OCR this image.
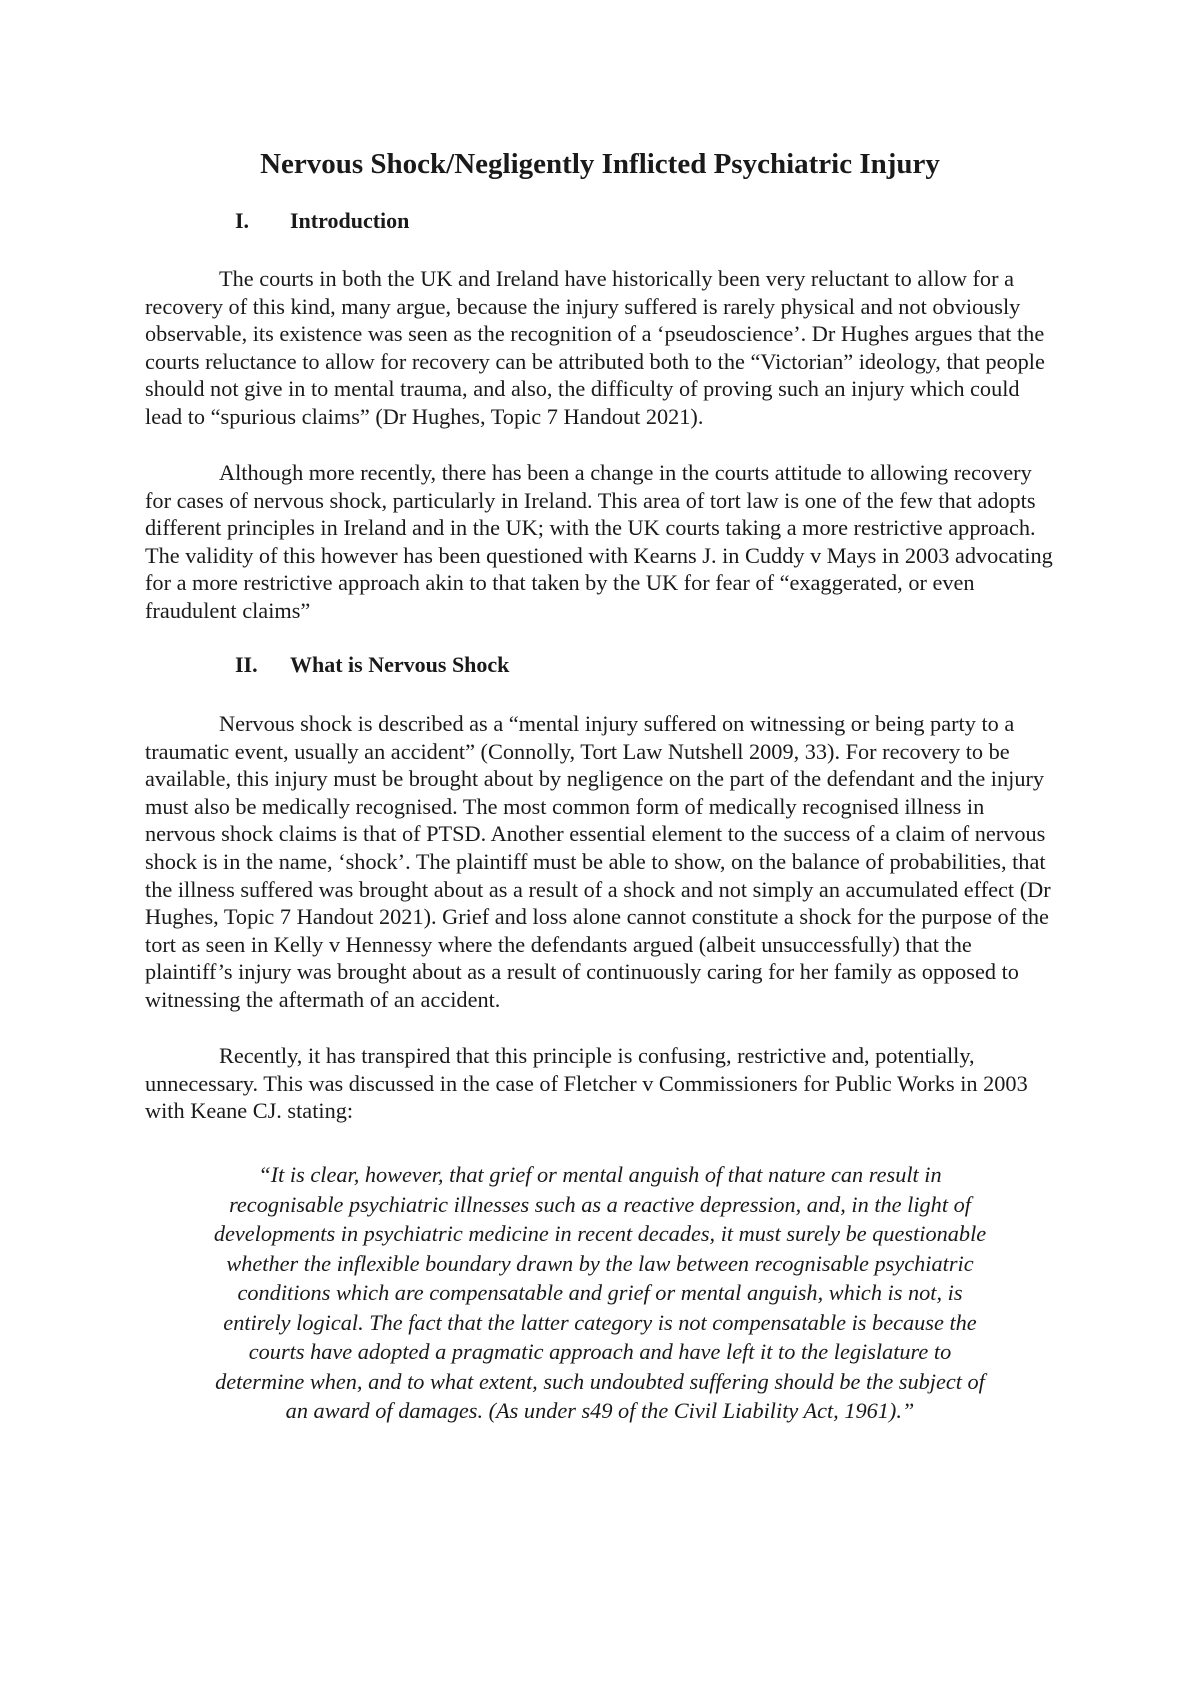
Nervous Shock/Negligently Inflicted Psychiatric Injury
I. Introduction

The courts in both the UK and Ireland have historically been very reluctant to allow for a recovery of this kind, many argue, because the injury suffered is rarely physical and not obviously observable, its existence was seen as the recognition of a ‘pseudoscience’. Dr Hughes argues that the courts reluctance to allow for recovery can be attributed both to the “Victorian” ideology, that people should not give in to mental trauma, and also, the difficulty of proving such an injury which could lead to “spurious claims” (Dr Hughes, Topic 7 Handout 2021).

Although more recently, there has been a change in the courts attitude to allowing recovery for cases of nervous shock, particularly in Ireland. This area of tort law is one of the few that adopts different principles in Ireland and in the UK; with the UK courts taking a more restrictive approach. The validity of this however has been questioned with Kearns J. in Cuddy v Mays in 2003 advocating for a more restrictive approach akin to that taken by the UK for fear of “exaggerated, or even fraudulent claims”

II. What is Nervous Shock

Nervous shock is described as a “mental injury suffered on witnessing or being party to a traumatic event, usually an accident” (Connolly, Tort Law Nutshell 2009, 33). For recovery to be available, this injury must be brought about by negligence on the part of the defendant and the injury must also be medically recognised. The most common form of medically recognised illness in nervous shock claims is that of PTSD. Another essential element to the success of a claim of nervous shock is in the name, ‘shock’. The plaintiff must be able to show, on the balance of probabilities, that the illness suffered was brought about as a result of a shock and not simply an accumulated effect (Dr Hughes, Topic 7 Handout 2021). Grief and loss alone cannot constitute a shock for the purpose of the tort as seen in Kelly v Hennessy where the defendants argued (albeit unsuccessfully) that the plaintiff’s injury was brought about as a result of continuously caring for her family as opposed to witnessing the aftermath of an accident.

Recently, it has transpired that this principle is confusing, restrictive and, potentially, unnecessary. This was discussed in the case of Fletcher v Commissioners for Public Works in 2003 with Keane CJ. stating:

“It is clear, however, that grief or mental anguish of that nature can result in recognisable psychiatric illnesses such as a reactive depression, and, in the light of developments in psychiatric medicine in recent decades, it must surely be questionable whether the inflexible boundary drawn by the law between recognisable psychiatric conditions which are compensatable and grief or mental anguish, which is not, is entirely logical. The fact that the latter category is not compensatable is because the courts have adopted a pragmatic approach and have left it to the legislature to determine when, and to what extent, such undoubted suffering should be the subject of an award of damages. (As under s49 of the Civil Liability Act, 1961).”
